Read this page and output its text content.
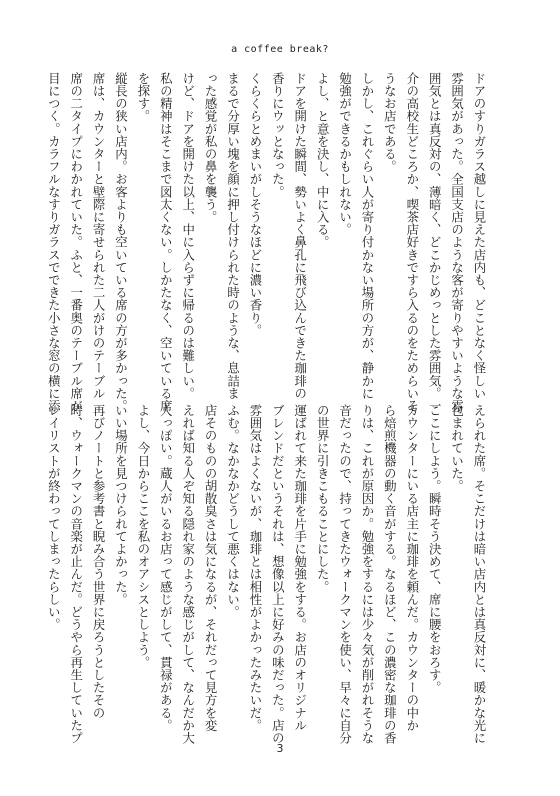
a coffee break?

ドアのすりガラス越しに見えた店内も、どことなく怪しい

雰囲気があった。全国支店のような客が寄りやすいような雰

囲気とは真反対の、薄暗く、どこかじめっとした雰囲気。一

介の高校生どころか、喫茶店好きですら入るのをためらいそ

うなお店である。

しかし、これぐらい人が寄り付かない場所の方が、静かに

勉強ができるかもしれない。

よし、と意を決し、中に入る。

ドアを開けた瞬間、勢いよく鼻孔に飛び込んできた珈琲の

香りにウッとなった。

くらくらとめまいがしそうなほどに濃い香り。

まるで分厚い塊を顔に押し付けられた時のような、息詰ま

った感覚が私の鼻を襲う。

けど、ドアを開けた以上、中に入らずに帰るのは難しい。

私の精神はそこまで図太くない。しかたなく、空いている席

を探す。

縦長の狭い店内。お客よりも空いている席の方が多かった。

席は、カウンターと壁際に寄せられた二人がけのテーブル

席の二タイプにわかれていた。ふと、一番奥のテーブル席が

目につく。カラフルなすりガラスでできた小さな窓の横に添

えられた席。そこだけは暗い店内とは真反対に、暖かな光に

包まれていた。

ここにしよう。瞬時そう決めて、席に腰をおろす。

カウンターにいる店主に珈琲を頼んだ。カウンターの中か

ら焙煎機器の動く音がする。なるほど、この濃密な珈琲の香

りは、これが原因か。勉強をするには少々気が削がれそうな

音だったので、持ってきたウォークマンを使い、早々に自分

の世界に引きこもることにした。

運ばれて来た珈琲を片手に勉強をする。お店のオリジナル

ブレンドだというそれは、想像以上に好みの味だった。店の

雰囲気はよくないが、珈琲とは相性がよかったみたいだ。

ふむ。なかなかどうして悪くはない。

店そのものの胡散臭さは気になるが、それだって見方を変

えれば知る人ぞ知る隠れ家のような感じがして、なんだか大

人っぽい。蔵人がいるお店って感じがして、貫禄がある。

よし、今日からここを私のオアシスとしよう。

いい場所を見つけられてよかった。

再びノートと参考書と睨み合う世界に戻ろうとしたその

時、ウォークマンの音楽が止んだ。どうやら再生していたプ

レイリストが終わってしまったらしい。

3
